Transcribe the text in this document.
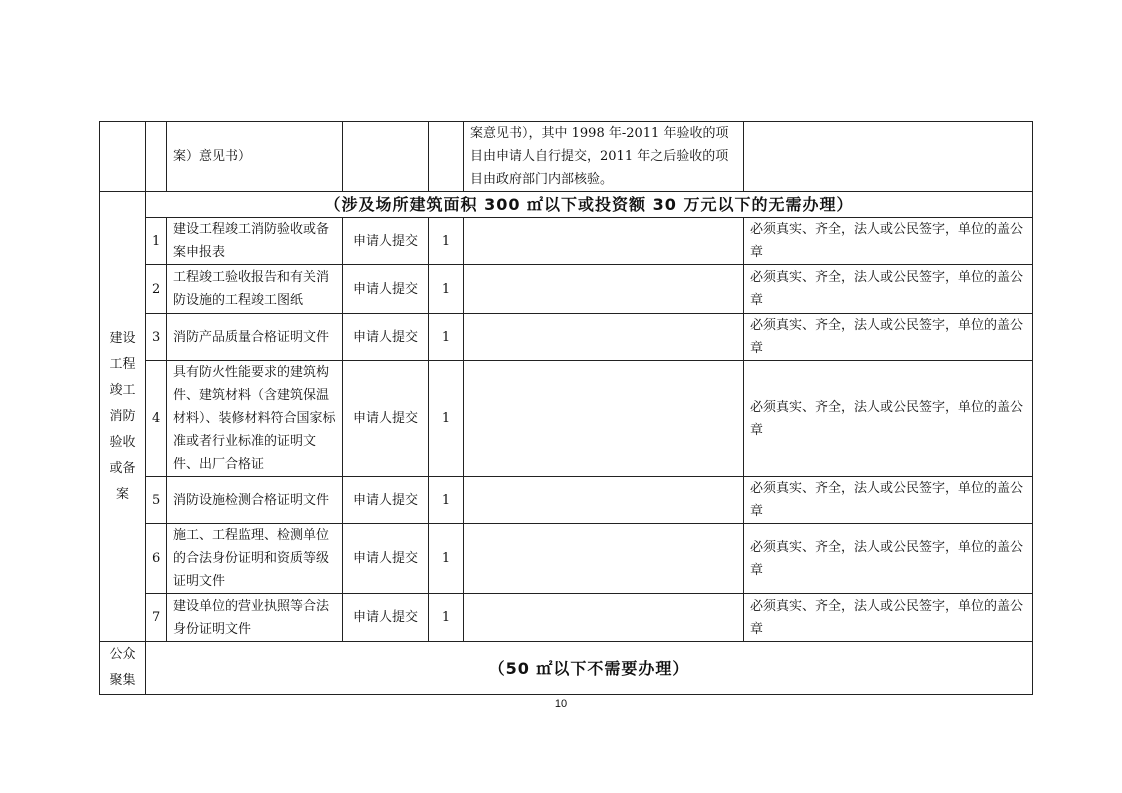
		案）意见书）			案意见书），其中 1998 年-2011 年验收的项目由申请人自行提交，2011 年之后验收的项目由政府部门内部核验。	
建设工程竣工消防验收或备案	（涉及场所建筑面积 300 ㎡以下或投资额 30 万元以下的无需办理）					
	1	建设工程竣工消防验收或备案申报表	申请人提交	1		必须真实、齐全，法人或公民签字，单位的盖公章
	2	工程竣工验收报告和有关消防设施的工程竣工图纸	申请人提交	1		必须真实、齐全，法人或公民签字，单位的盖公章
	3	消防产品质量合格证明文件	申请人提交	1		必须真实、齐全，法人或公民签字，单位的盖公章
	4	具有防火性能要求的建筑构件、建筑材料（含建筑保温材料）、装修材料符合国家标准或者行业标准的证明文件、出厂合格证	申请人提交	1		必须真实、齐全，法人或公民签字，单位的盖公章
	5	消防设施检测合格证明文件	申请人提交	1		必须真实、齐全，法人或公民签字，单位的盖公章
	6	施工、工程监理、检测单位的合法身份证明和资质等级证明文件	申请人提交	1		必须真实、齐全，法人或公民签字，单位的盖公章
	7	建设单位的营业执照等合法身份证明文件	申请人提交	1		必须真实、齐全，法人或公民签字，单位的盖公章
公众聚集	（50 ㎡以下不需要办理）					
10
